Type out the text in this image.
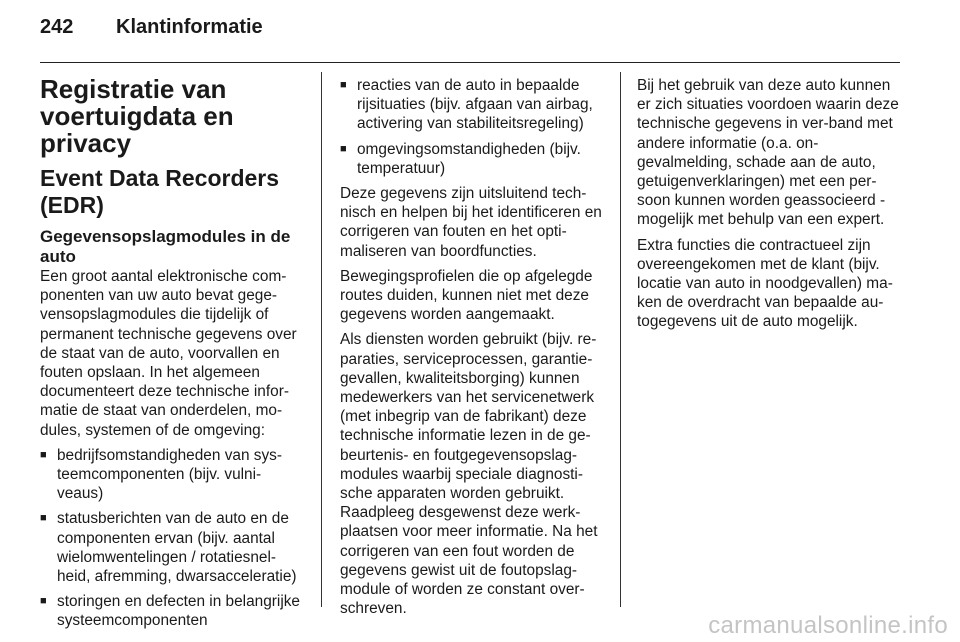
242 Klantinformatie
Registratie van voertuigdata en privacy
Event Data Recorders (EDR)
Gegevensopslagmodules in de auto

Een groot aantal elektronische com-ponenten van uw auto bevat gege-vensopslagmodules die tijdelijk of permanent technische gegevens over de staat van de auto, voorvallen en fouten opslaan. In het algemeen documenteert deze technische infor-matie de staat van onderdelen, mo-dules, systemen of de omgeving:

■ bedrijfsomstandigheden van sys-teemcomponenten (bijv. vulni-veaus)
■ statusberichten van de auto en de componenten ervan (bijv. aantal wielomwentelingen / rotatiesnel-heid, afremming, dwarsacceleratie)
■ storingen en defecten in belangrijke systeemcomponenten
■ reacties van de auto in bepaalde rijsituaties (bijv. afgaan van airbag, activering van stabiliteitsregeling)
■ omgevingsomstandigheden (bijv. temperatuur)

Deze gegevens zijn uitsluitend tech-nisch en helpen bij het identificeren en corrigeren van fouten en het opti-maliseren van boordfuncties.

Bewegingsprofielen die op afgelegde routes duiden, kunnen niet met deze gegevens worden aangemaakt.

Als diensten worden gebruikt (bijv. re-paraties, serviceprocessen, garantie-gevallen, kwaliteitsborging) kunnen medewerkers van het servicenetwerk (met inbegrip van de fabrikant) deze technische informatie lezen in de ge-beurtenis- en foutgegevensopslag-modules waarbij speciale diagnosti-sche apparaten worden gebruikt. Raadpleeg desgewenst deze werk-plaatsen voor meer informatie. Na het corrigeren van een fout worden de gegevens gewist uit de foutopslag-module of worden ze constant over-schreven.

Bij het gebruik van deze auto kunnen er zich situaties voordoen waarin deze technische gegevens in ver-band met andere informatie (o.a. on-gevalmelding, schade aan de auto, getuigenverklaringen) met een per-soon kunnen worden geassocieerd - mogelijk met behulp van een expert.

Extra functies die contractueel zijn overeengekomen met de klant (bijv. locatie van auto in noodgevallen) ma-ken de overdracht van bepaalde au-togegevens uit de auto mogelijk.

carmanualsonline.info
